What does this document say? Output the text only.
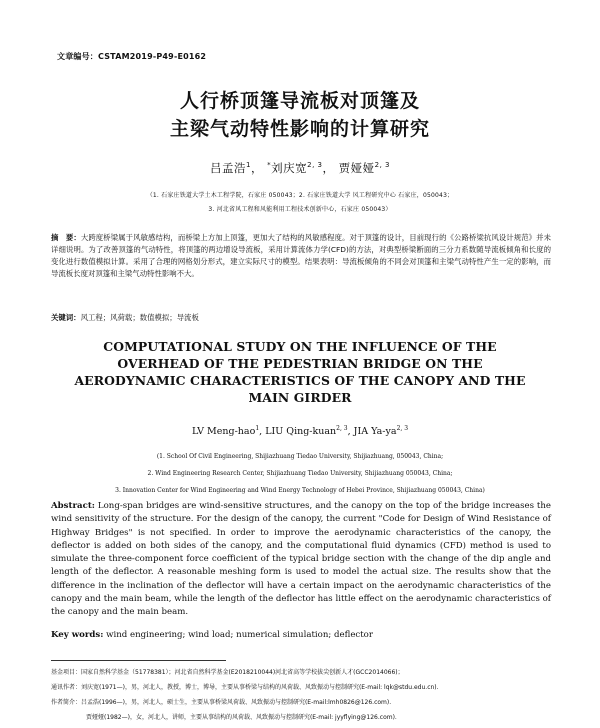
文章编号：CSTAM2019-P49-E0162
人行桥顶篷导流板对顶篷及
主梁气动特性影响的计算研究
吕孟浩$^1$， *刘庆宽$^{2, 3}$， 贾娅娅$^{2, 3}$
（1. 石家庄铁道大学土木工程学院，石家庄 050043；2. 石家庄铁道大学 风工程研究中心 石家庄，050043；
3. 河北省风工程和风能利用工程技术创新中心，石家庄 050043）
摘　要：大跨度桥梁属于风敏感结构，而桥梁上方加上顶篷，更加大了结构的风敏感程度。对于顶篷的设计，目前现行的《公路桥梁抗风设计规范》并未详细说明。为了改善顶篷的气动特性，将顶篷的两边增设导流板，采用计算流体力学(CFD)的方法，对典型桥梁断面的三分力系数随导流板倾角和长度的变化进行数值模拟计算。采用了合理的网格划分形式，建立实际尺寸的模型。结果表明：导流板倾角的不同会对顶篷和主梁气动特性产生一定的影响，而导流板长度对顶篷和主梁气动特性影响不大。
关键词：风工程；风荷载；数值模拟；导流板
COMPUTATIONAL STUDY ON THE INFLUENCE OF THE
OVERHEAD OF THE PEDESTRIAN BRIDGE ON THE
AERODYNAMIC CHARACTERISTICS OF THE CANOPY AND THE
MAIN GIRDER
LV Meng-hao$^1$, LIU Qing-kuan$^{2, 3}$, JIA Ya-ya$^{2, 3}$
(1. School Of Civil Engineering, Shijiazhuang Tiedao University, Shijiazhuang, 050043, China;
2. Wind Engineering Research Center, Shijiazhuang Tiedao University, Shijiazhuang 050043, China;
3. Innovation Center for Wind Engineering and Wind Energy Technology of Hebei Province, Shijiazhuang 050043, China)
Abstract: Long-span bridges are wind-sensitive structures, and the canopy on the top of the bridge increases the wind sensitivity of the structure. For the design of the canopy, the current "Code for Design of Wind Resistance of Highway Bridges" is not specified. In order to improve the aerodynamic characteristics of the canopy, the deflector is added on both sides of the canopy, and the computational fluid dynamics (CFD) method is used to simulate the three-component force coefficient of the typical bridge section with the change of the dip angle and length of the deflector. A reasonable meshing form is used to model the actual size. The results show that the difference in the inclination of the deflector will have a certain impact on the aerodynamic characteristics of the canopy and the main beam, while the length of the deflector has little effect on the aerodynamic characteristics of the canopy and the main beam.
Key words: wind engineering; wind load; numerical simulation; deflector
基金项目：国家自然科学基金（51778381）；河北省自然科学基金(E2018210044)河北省高等学校拔尖创新人才(GCC2014066)；
通讯作者：刘庆宽(1971—)，男，河北人，教授，博士，博导，主要从事桥梁与结构的风荷载、风致振动与控制研究(E-mail: lqk@stdu.edu.cn).
作者简介：吕孟浩(1996—)，男，河北人，硕士生，主要从事桥梁风荷载、风致振动与控制研究(E-mail:lmh0826@126.com).
贾娅娅(1982—)，女，河北人，讲师，主要从事结构的风荷载、风致振动与控制研究(E-mail: jyyflying@126.com).
